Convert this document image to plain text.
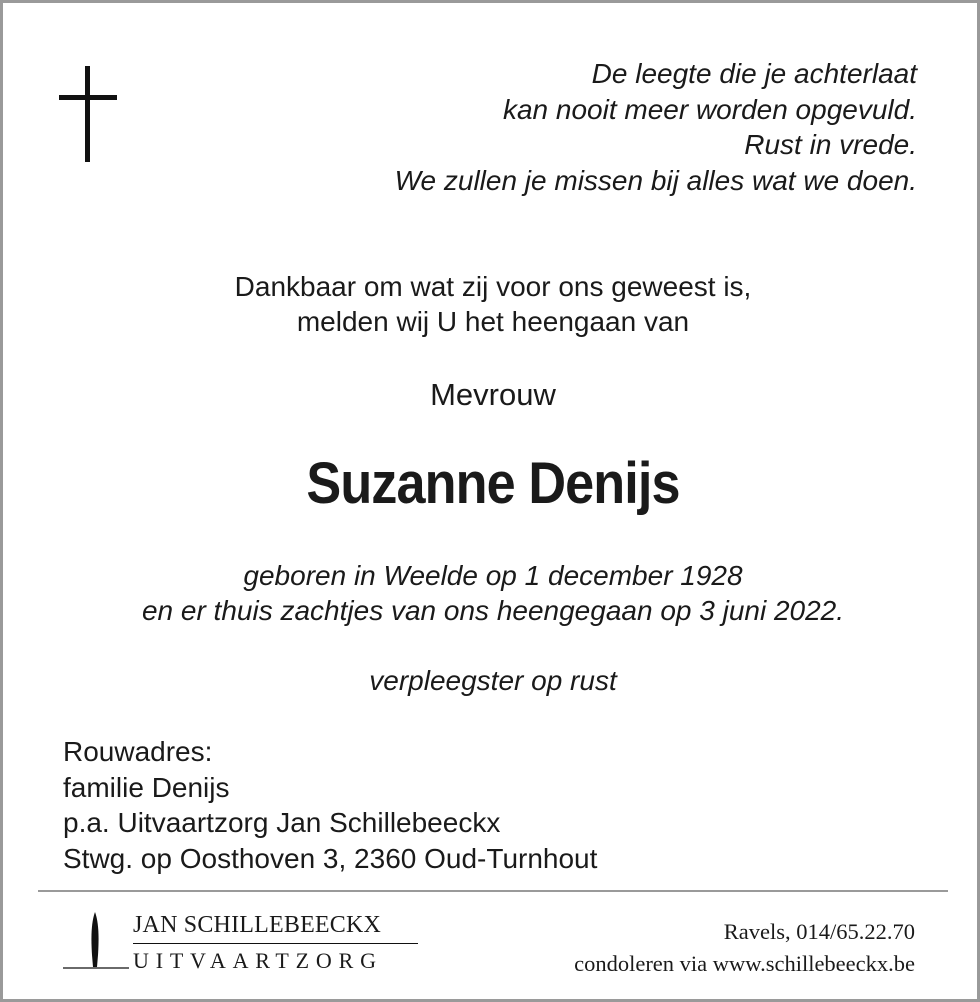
De leegte die je achterlaat
kan nooit meer worden opgevuld.
Rust in vrede.
We zullen je missen bij alles wat we doen.
Dankbaar om wat zij voor ons geweest is,
melden wij U het heengaan van
Mevrouw
Suzanne Denijs
geboren in Weelde op 1 december 1928
en er thuis zachtjes van ons heengegaan op 3 juni 2022.
verpleegster op rust
Rouwadres:
familie Denijs
p.a. Uitvaartzorg Jan Schillebeeckx
Stwg. op Oosthoven 3, 2360 Oud-Turnhout
JAN SCHILLEBEECKX
UITVAARTZORG
Ravels, 014/65.22.70
condoleren via www.schillebeeckx.be
